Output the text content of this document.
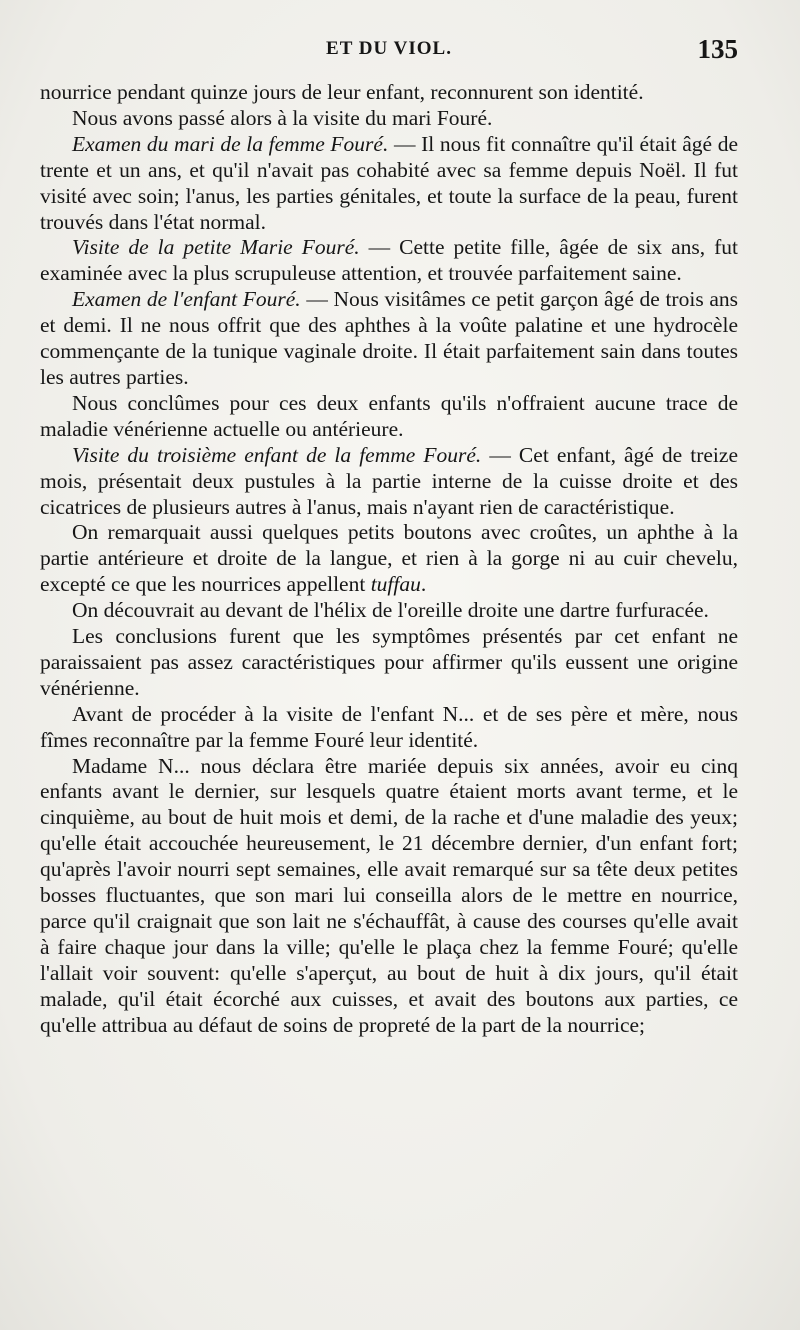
ET DU VIOL.	135

nourrice pendant quinze jours de leur enfant, reconnurent son identité.

Nous avons passé alors à la visite du mari Fouré.

Examen du mari de la femme Fouré. — Il nous fit connaître qu'il était âgé de trente et un ans, et qu'il n'avait pas cohabité avec sa femme depuis Noël. Il fut visité avec soin; l'anus, les parties génitales, et toute la surface de la peau, furent trouvés dans l'état normal.

Visite de la petite Marie Fouré. — Cette petite fille, âgée de six ans, fut examinée avec la plus scrupuleuse attention, et trouvée parfaitement saine.

Examen de l'enfant Fouré. — Nous visitâmes ce petit garçon âgé de trois ans et demi. Il ne nous offrit que des aphthes à la voûte palatine et une hydrocèle commençante de la tunique vaginale droite. Il était parfaitement sain dans toutes les autres parties.

Nous conclûmes pour ces deux enfants qu'ils n'offraient aucune trace de maladie vénérienne actuelle ou antérieure.

Visite du troisième enfant de la femme Fouré. — Cet enfant, âgé de treize mois, présentait deux pustules à la partie interne de la cuisse droite et des cicatrices de plusieurs autres à l'anus, mais n'ayant rien de caractéristique.

On remarquait aussi quelques petits boutons avec croûtes, un aphthe à la partie antérieure et droite de la langue, et rien à la gorge ni au cuir chevelu, excepté ce que les nourrices appellent tuffau.

On découvrait au devant de l'hélix de l'oreille droite une dartre furfuracée.

Les conclusions furent que les symptômes présentés par cet enfant ne paraissaient pas assez caractéristiques pour affirmer qu'ils eussent une origine vénérienne.

Avant de procéder à la visite de l'enfant N... et de ses père et mère, nous fîmes reconnaître par la femme Fouré leur identité.

Madame N... nous déclara être mariée depuis six années, avoir eu cinq enfants avant le dernier, sur lesquels quatre étaient morts avant terme, et le cinquième, au bout de huit mois et demi, de la rache et d'une maladie des yeux; qu'elle était accouchée heureusement, le 21 décembre dernier, d'un enfant fort; qu'après l'avoir nourri sept semaines, elle avait remarqué sur sa tête deux petites bosses fluctuantes, que son mari lui conseilla alors de le mettre en nourrice, parce qu'il craignait que son lait ne s'échauffât, à cause des courses qu'elle avait à faire chaque jour dans la ville; qu'elle le plaça chez la femme Fouré; qu'elle l'allait voir souvent: qu'elle s'aperçut, au bout de huit à dix jours, qu'il était malade, qu'il était écorché aux cuisses, et avait des boutons aux parties, ce qu'elle attribua au défaut de soins de propreté de la part de la nourrice;
